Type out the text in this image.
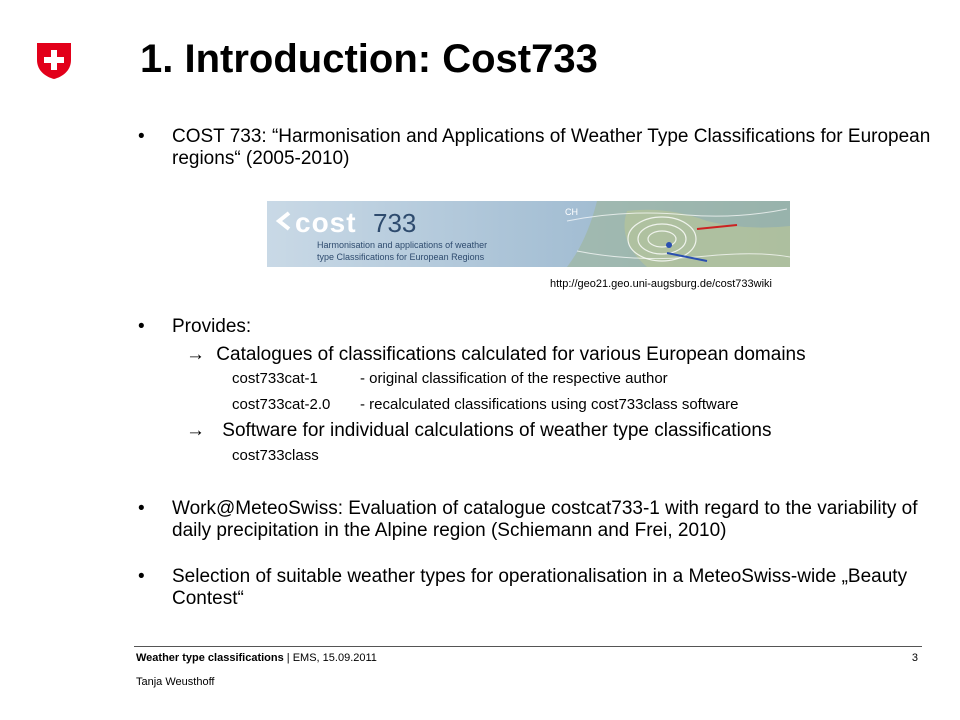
1. Introduction: Cost733
• COST 733: “Harmonisation and Applications of Weather Type Classifications for European regions“ (2005-2010)
CH
cost 733
Harmonisation and applications of weather
type Classifications for European Regions
http://geo21.geo.uni-augsburg.de/cost733wiki
• Provides:
→ Catalogues of classifications calculated for various European domains
cost733cat-1	- original classification of the respective author
cost733cat-2.0 - recalculated classifications using cost733class software
→ Software for individual calculations of weather type classifications
cost733class
• Work@MeteoSwiss: Evaluation of catalogue costcat733-1 with regard to the variability of daily precipitation in the Alpine region (Schiemann and Frei, 2010)
• Selection of suitable weather types for operationalisation in a MeteoSwiss-wide „Beauty Contest“
Weather type classifications | EMS, 15.09.2011
Tanja Weusthoff
3
